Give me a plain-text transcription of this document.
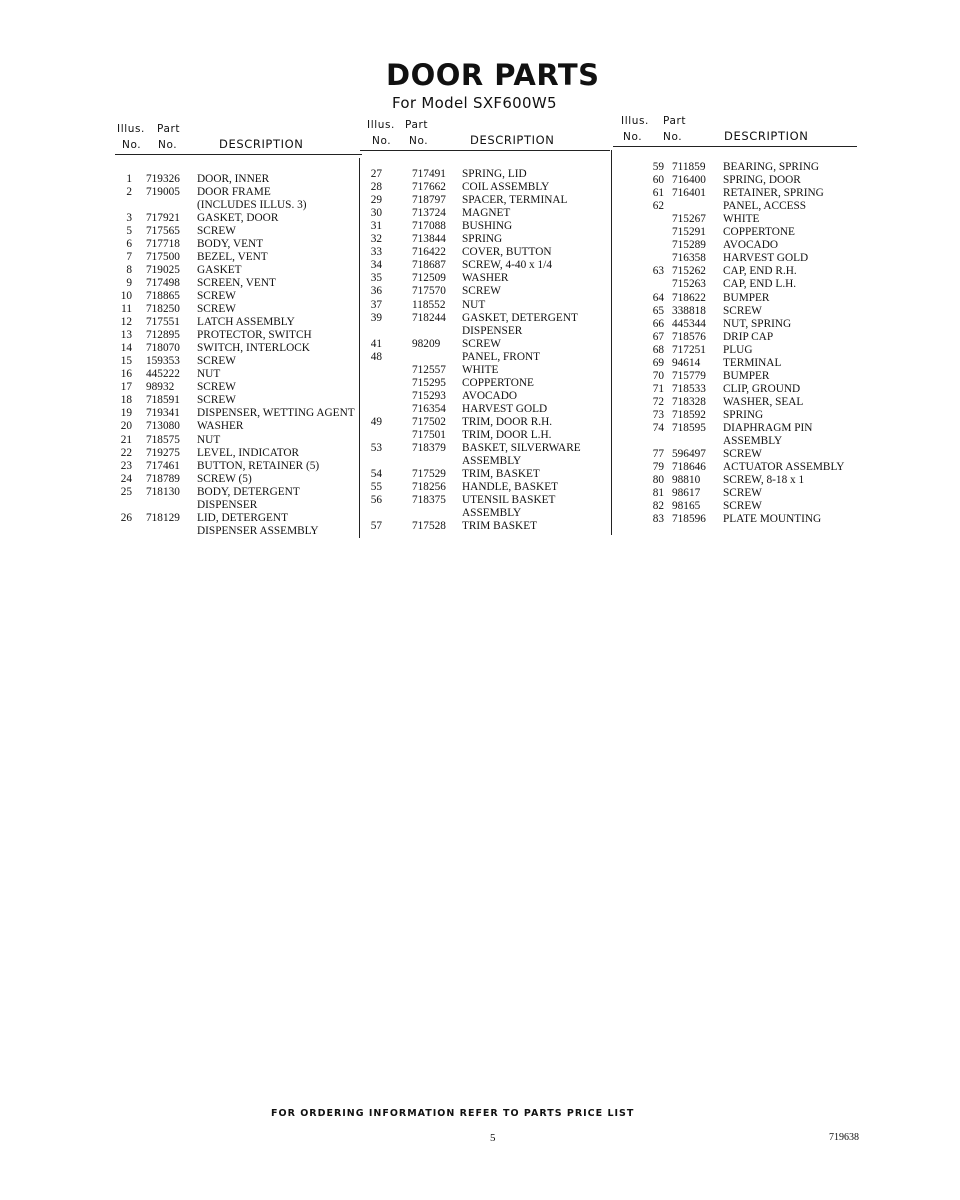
DOOR PARTS
For Model SXF600W5
Illus. Part
No. No.	DESCRIPTION
Illus. Part
No. No.	DESCRIPTION
Illus. Part
No. No.	DESCRIPTION
1 719326 DOOR, INNER
2 719005 DOOR FRAME
(INCLUDES ILLUS. 3)
3 717921 GASKET, DOOR
5 717565 SCREW
6 717718 BODY, VENT
7 717500 BEZEL, VENT
8 719025 GASKET
9 717498 SCREEN, VENT
10 718865 SCREW
11 718250 SCREW
12 717551 LATCH ASSEMBLY
13 712895 PROTECTOR, SWITCH
14 718070 SWITCH, INTERLOCK
15 159353 SCREW
16 445222 NUT
17 98932 SCREW
18 718591 SCREW
19 719341 DISPENSER, WETTING AGENT
20 713080 WASHER
21 718575 NUT
22 719275 LEVEL, INDICATOR
23 717461 BUTTON, RETAINER (5)
24 718789 SCREW (5)
25 718130 BODY, DETERGENT
DISPENSER
26 718129 LID, DETERGENT
DISPENSER ASSEMBLY
27	717491 SPRING, LID
28	717662 COIL ASSEMBLY
29	718797 SPACER, TERMINAL
30	713724 MAGNET
31	717088 BUSHING
32	713844 SPRING
33	716422 COVER, BUTTON
34	718687 SCREW, 4-40 x 1/4
35	712509 WASHER
36	717570 SCREW
37	118552 NUT
39	718244 GASKET, DETERGENT
DISPENSER
41	98209 SCREW
48	PANEL, FRONT
712557 WHITE
715295 COPPERTONE
715293 AVOCADO
716354 HARVEST GOLD
49	717502 TRIM, DOOR R.H.
717501 TRIM, DOOR L.H.
53	718379 BASKET, SILVERWARE
ASSEMBLY
54	717529 TRIM, BASKET
55	718256 HANDLE, BASKET
56	718375 UTENSIL BASKET
ASSEMBLY
57	717528 TRIM BASKET
59 711859 BEARING, SPRING
60 716400 SPRING, DOOR
61 716401 RETAINER, SPRING
62	PANEL, ACCESS
715267 WHITE
715291 COPPERTONE
715289 AVOCADO
716358 HARVEST GOLD
63 715262 CAP, END R.H.
715263 CAP, END L.H.
64 718622 BUMPER
65 338818 SCREW
66 445344 NUT, SPRING
67 718576 DRIP CAP
68 717251 PLUG
69 94614 TERMINAL
70 715779 BUMPER
71 718533 CLIP, GROUND
72 718328 WASHER, SEAL
73 718592 SPRING
74 718595 DIAPHRAGM PIN
ASSEMBLY
77 596497 SCREW
79 718646 ACTUATOR ASSEMBLY
80 98810 SCREW, 8-18 x 1
81 98617 SCREW
82 98165 SCREW
83 718596 PLATE MOUNTING
FOR ORDERING INFORMATION REFER TO PARTS PRICE LIST
5	719638
